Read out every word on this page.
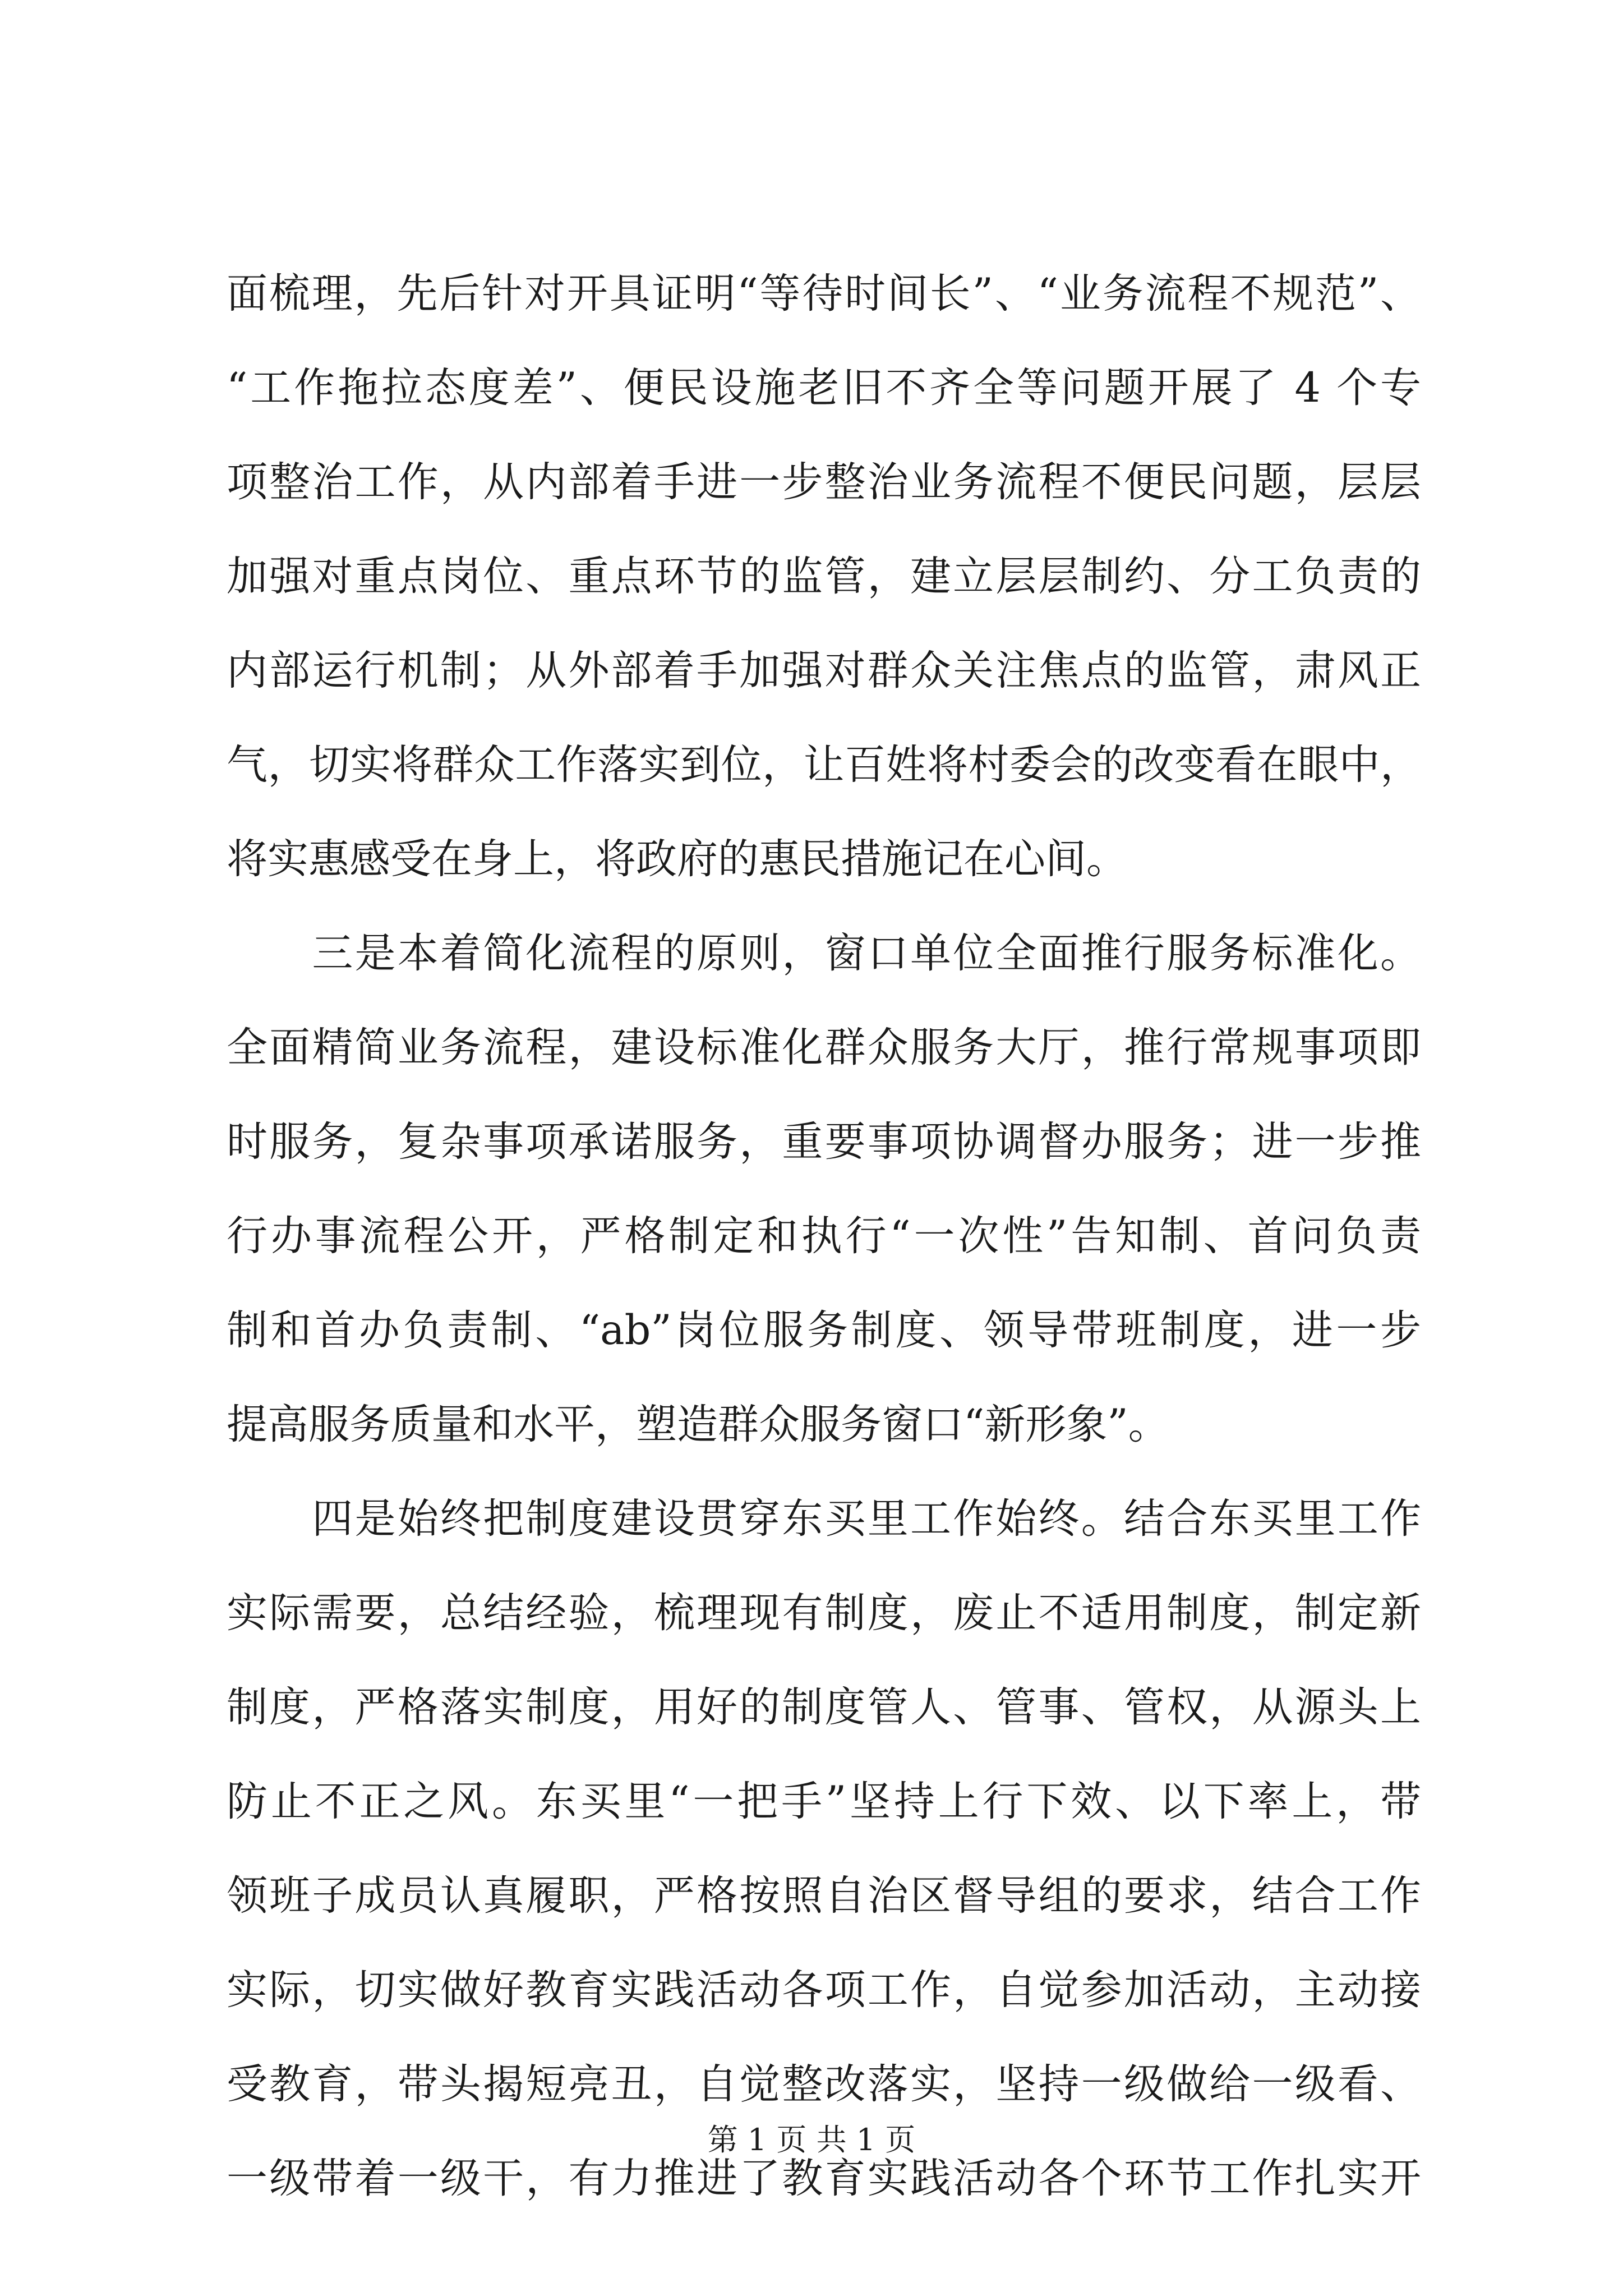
面梳理，先后针对开具证明“等待时间长”、“业务流程不规范”、
“工作拖拉态度差”、便民设施老旧不齐全等问题开展了 4 个专
项整治工作，从内部着手进一步整治业务流程不便民问题，层层
加强对重点岗位、重点环节的监管，建立层层制约、分工负责的
内部运行机制；从外部着手加强对群众关注焦点的监管，肃风正
气，切实将群众工作落实到位，让百姓将村委会的改变看在眼中，
将实惠感受在身上，将政府的惠民措施记在心间。
　　三是本着简化流程的原则，窗口单位全面推行服务标准化。
全面精简业务流程，建设标准化群众服务大厅，推行常规事项即
时服务，复杂事项承诺服务，重要事项协调督办服务；进一步推
行办事流程公开，严格制定和执行“一次性”告知制、首问负责
制和首办负责制、“ab”岗位服务制度、领导带班制度，进一步
提高服务质量和水平，塑造群众服务窗口“新形象”。
　　四是始终把制度建设贯穿东买里工作始终。结合东买里工作
实际需要，总结经验，梳理现有制度，废止不适用制度，制定新
制度，严格落实制度，用好的制度管人、管事、管权，从源头上
防止不正之风。东买里“一把手”坚持上行下效、以下率上，带
领班子成员认真履职，严格按照自治区督导组的要求，结合工作
实际，切实做好教育实践活动各项工作，自觉参加活动，主动接
受教育，带头揭短亮丑，自觉整改落实，坚持一级做给一级看、
一级带着一级干，有力推进了教育实践活动各个环节工作扎实开
第 1 页 共 1 页
